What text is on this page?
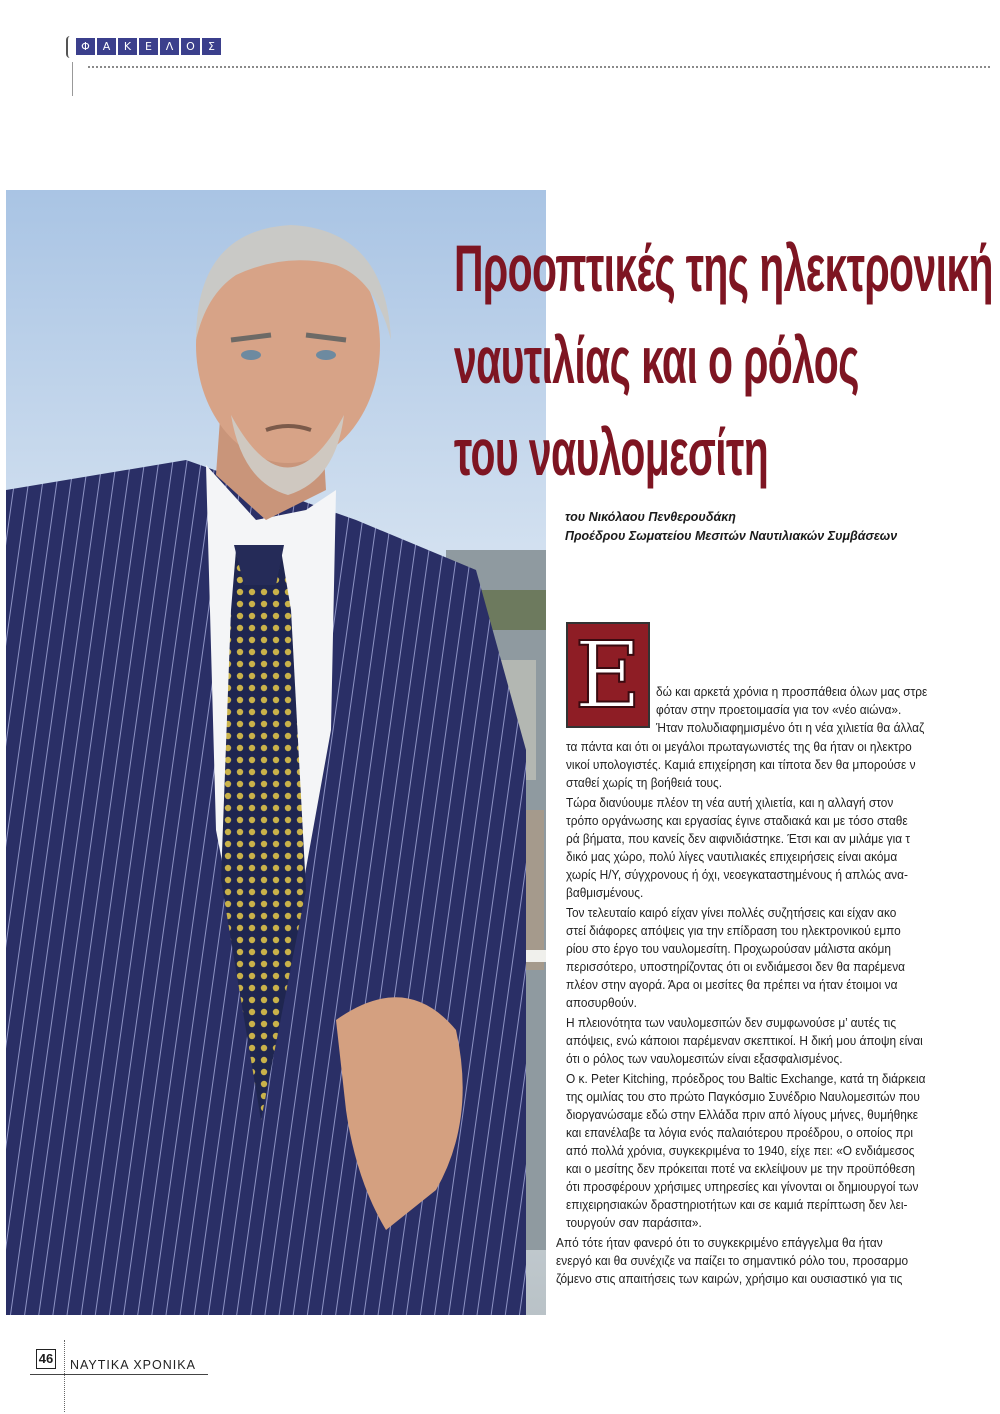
Φ	Α	Κ	Ε	Λ	Ο	Σ
Προοπτικές της ηλεκτρονική
ναυτιλίας και ο ρόλος
του ναυλομεσίτη
του Νικόλαου Πενθερουδάκη
Προέδρου Σωματείου Μεσιτών Ναυτιλιακών Συμβάσεων
Ε	δώ και αρκετά χρόνια η προσπάθεια όλων μας στρε
φόταν στην προετοιμασία για τον «νέο αιώνα».
Ήταν πολυδιαφημισμένο ότι η νέα χιλιετία θα άλλαζ
τα πάντα και ότι οι μεγάλοι πρωταγωνιστές της θα ήταν οι ηλεκτρο
νικοί υπολογιστές. Καμιά επιχείρηση και τίποτα δεν θα μπορούσε ν
σταθεί χωρίς τη βοήθειά τους.
Τώρα διανύουμε πλέον τη νέα αυτή χιλιετία, και η αλλαγή στον
τρόπο οργάνωσης και εργασίας έγινε σταδιακά και με τόσο σταθε
ρά βήματα, που κανείς δεν αιφνιδιάστηκε. Έτσι και αν μιλάμε για τ
δικό μας χώρο, πολύ λίγες ναυτιλιακές επιχειρήσεις είναι ακόμα
χωρίς Η/Υ, σύγχρονους ή όχι, νεοεγκαταστημένους ή απλώς ανα-
βαθμισμένους.
Τον τελευταίο καιρό είχαν γίνει πολλές συζητήσεις και είχαν ακο
στεί διάφορες απόψεις για την επίδραση του ηλεκτρονικού εμπο
ρίου στο έργο του ναυλομεσίτη. Προχωρούσαν μάλιστα ακόμη
περισσότερο, υποστηρίζοντας ότι οι ενδιάμεσοι δεν θα παρέμενα
πλέον στην αγορά. Άρα οι μεσίτες θα πρέπει να ήταν έτοιμοι να
αποσυρθούν.
Η πλειονότητα των ναυλομεσιτών δεν συμφωνούσε μ’ αυτές τις
απόψεις, ενώ κάποιοι παρέμεναν σκεπτικοί. Η δική μου άποψη είναι
ότι ο ρόλος των ναυλομεσιτών είναι εξασφαλισμένος.
Ο κ. Peter Kitching, πρόεδρος του Baltic Exchange, κατά τη διάρκεια
της ομιλίας του στο πρώτο Παγκόσμιο Συνέδριο Ναυλομεσιτών που
διοργανώσαμε εδώ στην Ελλάδα πριν από λίγους μήνες, θυμήθηκε
και επανέλαβε τα λόγια ενός παλαιότερου προέδρου, ο οποίος πρι
από πολλά χρόνια, συγκεκριμένα το 1940, είχε πει: «Ο ενδιάμεσος
και ο μεσίτης δεν πρόκειται ποτέ να εκλείψουν με την προϋπόθεση
ότι προσφέρουν χρήσιμες υπηρεσίες και γίνονται οι δημιουργοί των
επιχειρησιακών δραστηριοτήτων και σε καμιά περίπτωση δεν λει-
τουργούν σαν παράσιτα».
Από τότε ήταν φανερό ότι το συγκεκριμένο επάγγελμα θα ήταν
ενεργό και θα συνέχιζε να παίζει το σημαντικό ρόλο του, προσαρμο
ζόμενο στις απαιτήσεις των καιρών, χρήσιμο και ουσιαστικό για τις
46 ΝΑΥΤΙΚΑ ΧΡΟΝΙΚΑ
